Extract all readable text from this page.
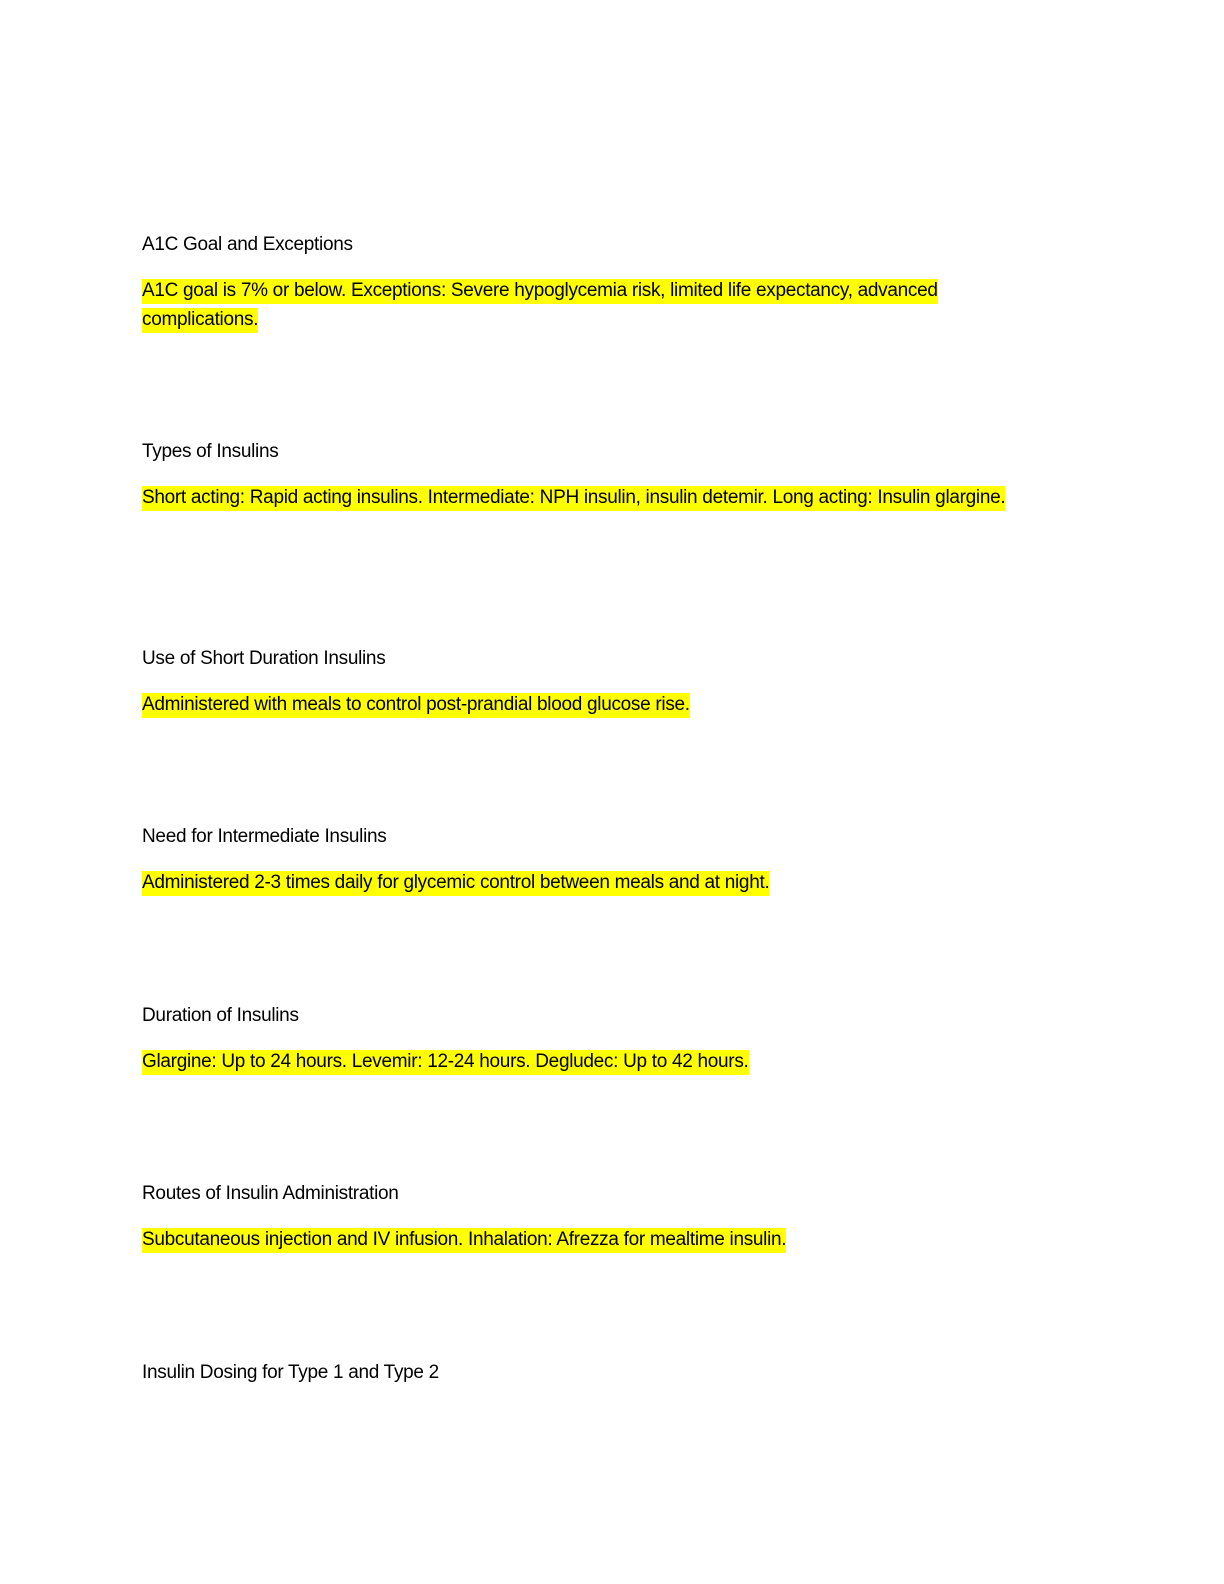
A1C Goal and Exceptions

A1C goal is 7% or below. Exceptions: Severe hypoglycemia risk, limited life expectancy, advanced complications.

Types of Insulins

Short acting: Rapid acting insulins. Intermediate: NPH insulin, insulin detemir. Long acting: Insulin glargine.

Use of Short Duration Insulins

Administered with meals to control post-prandial blood glucose rise.

Need for Intermediate Insulins

Administered 2-3 times daily for glycemic control between meals and at night.

Duration of Insulins

Glargine: Up to 24 hours. Levemir: 12-24 hours. Degludec: Up to 42 hours.

Routes of Insulin Administration

Subcutaneous injection and IV infusion. Inhalation: Afrezza for mealtime insulin.

Insulin Dosing for Type 1 and Type 2
